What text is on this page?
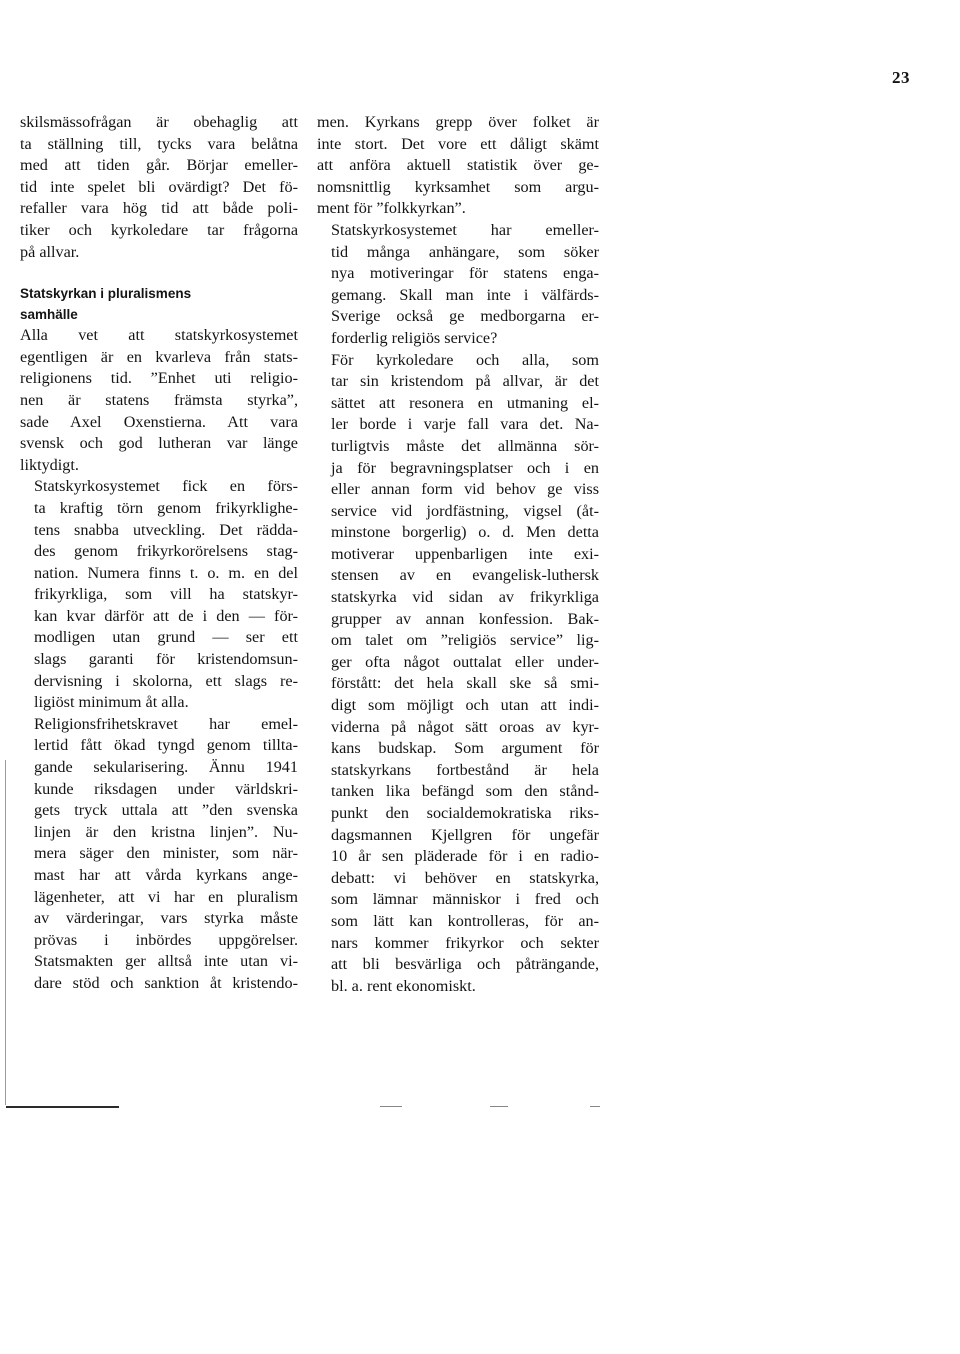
23

skilsmässofrågan är obehaglig att
ta ställning till, tycks vara belåtna
med att tiden går. Börjar emeller-
tid inte spelet bli ovärdigt? Det fö-
refaller vara hög tid att både poli-
tiker och kyrkoledare tar frågorna
på allvar.

Statskyrkan i pluralismens
samhälle

Alla vet att statskyrkosystemet
egentligen är en kvarleva från stats-
religionens tid. ”Enhet uti religio-
nen är statens främsta styrka”,
sade Axel Oxenstierna. Att vara
svensk och god lutheran var länge
liktydigt.

Statskyrkosystemet fick en förs-
ta kraftig törn genom frikyrklighe-
tens snabba utveckling. Det rädda-
des genom frikyrkorörelsens stag-
nation. Numera finns t. o. m. en del
frikyrkliga, som vill ha statskyr-
kan kvar därför att de i den — för-
modligen utan grund — ser ett
slags garanti för kristendomsun-
dervisning i skolorna, ett slags re-
ligiöst minimum åt alla.

Religionsfrihetskravet har emel-
lertid fått ökad tyngd genom tillta-
gande sekularisering. Ännu 1941
kunde riksdagen under världskri-
gets tryck uttala att ”den svenska
linjen är den kristna linjen”. Nu-
mera säger den minister, som när-
mast har att vårda kyrkans ange-
lägenheter, att vi har en pluralism
av värderingar, vars styrka måste
prövas i inbördes uppgörelser.
Statsmakten ger alltså inte utan vi-
dare stöd och sanktion åt kristendo-

men. Kyrkans grepp över folket är
inte stort. Det vore ett dåligt skämt
att anföra aktuell statistik över ge-
nomsnittlig kyrksamhet som argu-
ment för ”folkkyrkan”.

Statskyrkosystemet har emeller-
tid många anhängare, som söker
nya motiveringar för statens enga-
gemang. Skall man inte i välfärds-
Sverige också ge medborgarna er-
forderlig religiös service?

För kyrkoledare och alla, som
tar sin kristendom på allvar, är det
sättet att resonera en utmaning el-
ler borde i varje fall vara det. Na-
turligtvis måste det allmänna sör-
ja för begravningsplatser och i en
eller annan form vid behov ge viss
service vid jordfästning, vigsel (åt-
minstone borgerlig) o. d. Men detta
motiverar uppenbarligen inte exi-
stensen av en evangelisk-luthersk
statskyrka vid sidan av frikyrkliga
grupper av annan konfession. Bak-
om talet om ”religiös service” lig-
ger ofta något outtalat eller under-
förstått: det hela skall ske så smi-
digt som möjligt och utan att indi-
viderna på något sätt oroas av kyr-
kans budskap. Som argument för
statskyrkans fortbestånd är hela
tanken lika befängd som den stånd-
punkt den socialdemokratiska riks-
dagsmannen Kjellgren för ungefär
10 år sen pläderade för i en radio-
debatt: vi behöver en statskyrka,
som lämnar människor i fred och
som lätt kan kontrolleras, för an-
nars kommer frikyrkor och sekter
att bli besvärliga och påträngande,
bl. a. rent ekonomiskt.
